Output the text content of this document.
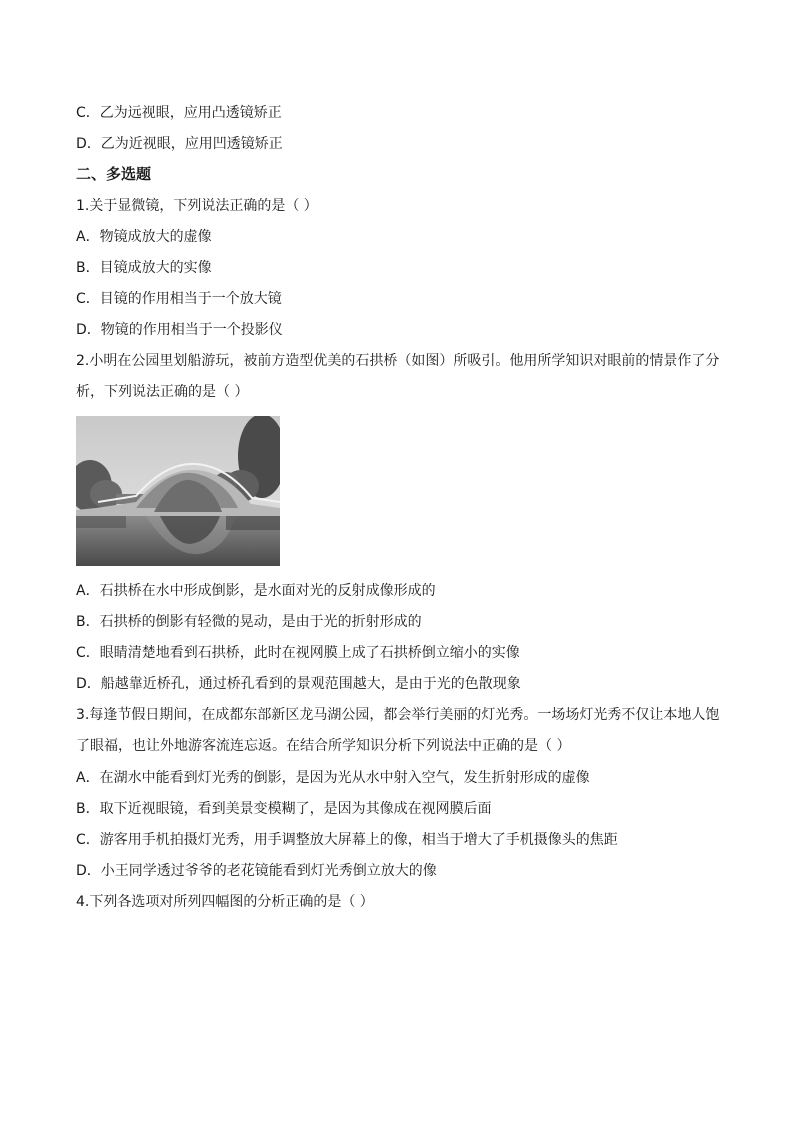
C．乙为远视眼，应用凸透镜矫正
D．乙为近视眼，应用凹透镜矫正
二、多选题
1.关于显微镜，下列说法正确的是（ ）
A．物镜成放大的虚像
B．目镜成放大的实像
C．目镜的作用相当于一个放大镜
D．物镜的作用相当于一个投影仪
2.小明在公园里划船游玩，被前方造型优美的石拱桥（如图）所吸引。他用所学知识对眼前的情景作了分析，下列说法正确的是（ ）
A．石拱桥在水中形成倒影，是水面对光的反射成像形成的
B．石拱桥的倒影有轻微的晃动，是由于光的折射形成的
C．眼睛清楚地看到石拱桥，此时在视网膜上成了石拱桥倒立缩小的实像
D．船越靠近桥孔，通过桥孔看到的景观范围越大，是由于光的色散现象
3.每逢节假日期间，在成都东部新区龙马湖公园，都会举行美丽的灯光秀。一场场灯光秀不仅让本地人饱了眼福，也让外地游客流连忘返。在结合所学知识分析下列说法中正确的是（ ）
A．在湖水中能看到灯光秀的倒影，是因为光从水中射入空气，发生折射形成的虚像
B．取下近视眼镜，看到美景变模糊了，是因为其像成在视网膜后面
C．游客用手机拍摄灯光秀，用手调整放大屏幕上的像，相当于增大了手机摄像头的焦距
D．小王同学透过爷爷的老花镜能看到灯光秀倒立放大的像
4.下列各选项对所列四幅图的分析正确的是（ ）
